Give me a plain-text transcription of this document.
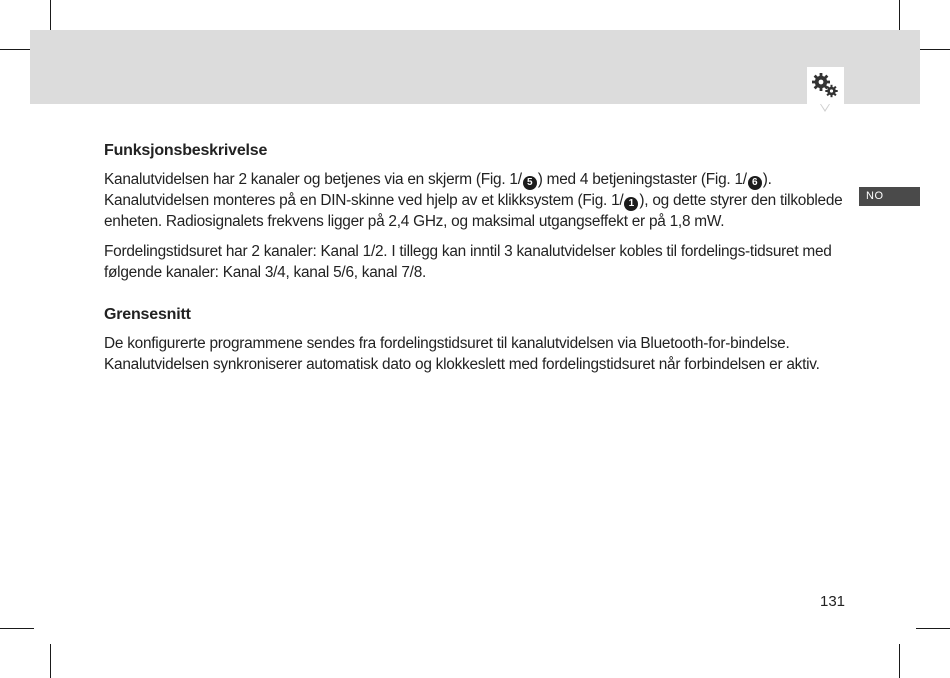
NO
Funksjonsbeskrivelse

Kanalutvidelsen har 2 kanaler og betjenes via en skjerm (Fig. 1/ 5 ) med 4 betjeningstaster (Fig. 1/ 6 ). Kanalutvidelsen monteres på en DIN-skinne ved hjelp av et klikksystem (Fig. 1/ 1 ), og dette styrer den tilkoblede enheten. Radiosignalets frekvens ligger på 2,4 GHz, og maksimal utgangseffekt er på 1,8 mW.

Fordelingstidsuret har 2 kanaler: Kanal 1/2. I tillegg kan inntil 3 kanalutvidelser kobles til fordelings-tidsuret med følgende kanaler: Kanal 3/4, kanal 5/6, kanal 7/8.

Grensesnitt

De konfigurerte programmene sendes fra fordelingstidsuret til kanalutvidelsen via Bluetooth-for-bindelse. Kanalutvidelsen synkroniserer automatisk dato og klokkeslett med fordelingstidsuret når forbindelsen er aktiv.

131
